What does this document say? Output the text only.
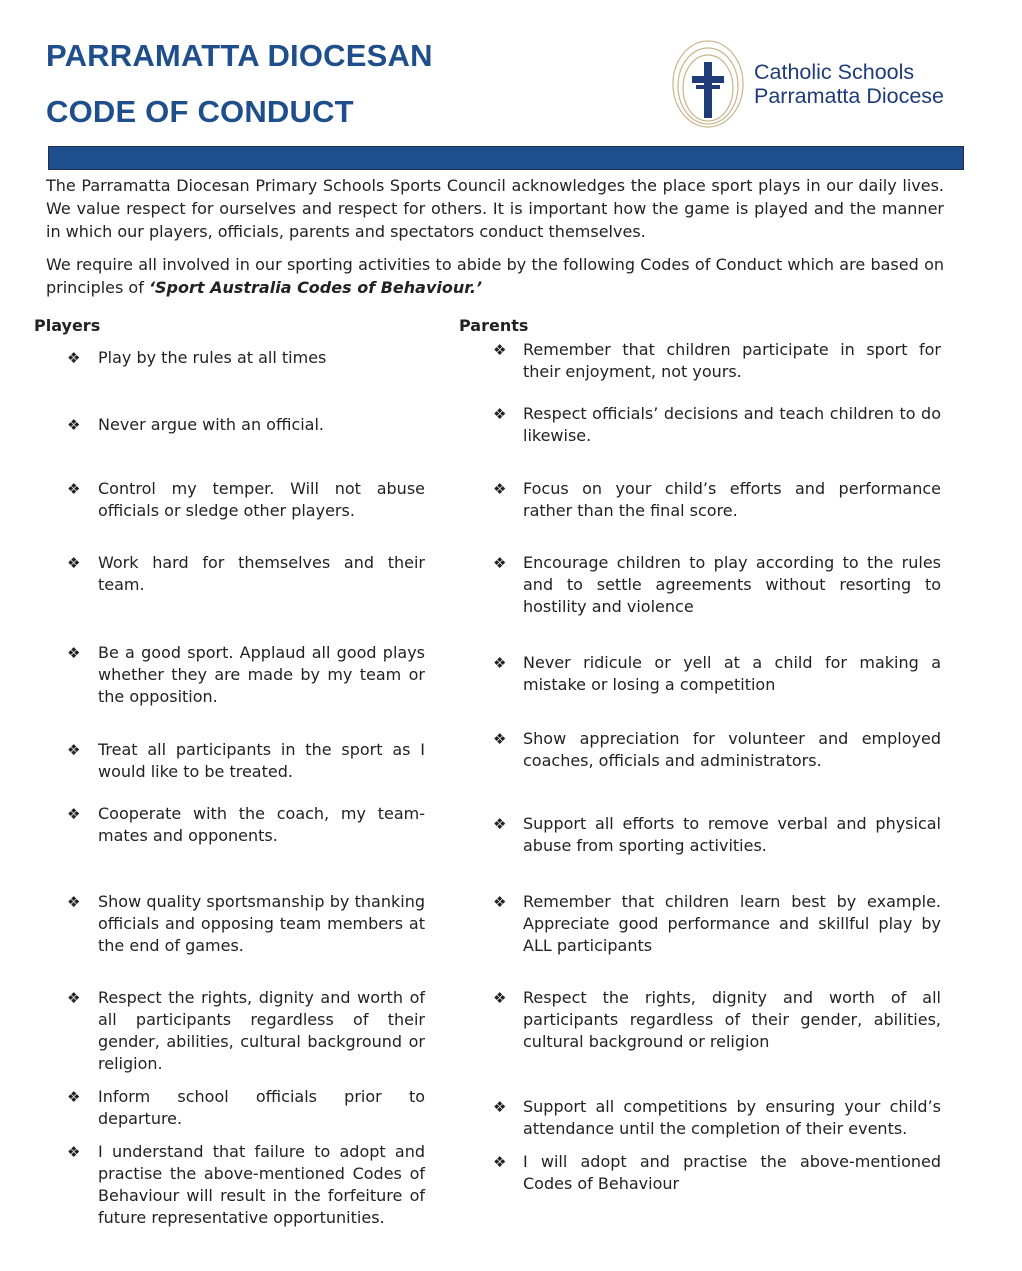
PARRAMATTA DIOCESAN
CODE OF CONDUCT
Catholic Schools
Parramatta Diocese

The Parramatta Diocesan Primary Schools Sports Council acknowledges the place sport plays in our daily lives. We value respect for ourselves and respect for others. It is important how the game is played and the manner in which our players, officials, parents and spectators conduct themselves.

We require all involved in our sporting activities to abide by the following Codes of Conduct which are based on principles of ‘Sport Australia Codes of Behaviour.’

Players	Parents
❖ Play by the rules at all times

❖ Never argue with an official.

❖ Control my temper. Will not abuse officials or sledge other players.

❖ Work hard for themselves and their team.

❖ Be a good sport. Applaud all good plays whether they are made by my team or the opposition.

❖ Treat all participants in the sport as I would like to be treated.

❖ Cooperate with the coach, my team-mates and opponents.

❖ Show quality sportsmanship by thanking officials and opposing team members at the end of games.

❖ Respect the rights, dignity and worth of all participants regardless of their gender, abilities, cultural background or religion.

❖ Inform school officials prior to departure.

❖ I understand that failure to adopt and practise the above-mentioned Codes of Behaviour will result in the forfeiture of future representative opportunities.

❖ Remember that children participate in sport for their enjoyment, not yours.

❖ Respect officials’ decisions and teach children to do likewise.

❖ Focus on your child’s efforts and performance rather than the final score.

❖ Encourage children to play according to the rules and to settle agreements without resorting to hostility and violence

❖ Never ridicule or yell at a child for making a mistake or losing a competition

❖ Show appreciation for volunteer and employed coaches, officials and administrators.

❖ Support all efforts to remove verbal and physical abuse from sporting activities.

❖ Remember that children learn best by example. Appreciate good performance and skillful play by ALL participants

❖ Respect the rights, dignity and worth of all participants regardless of their gender, abilities, cultural background or religion

❖ Support all competitions by ensuring your child’s attendance until the completion of their events.

❖ I will adopt and practise the above-mentioned Codes of Behaviour
